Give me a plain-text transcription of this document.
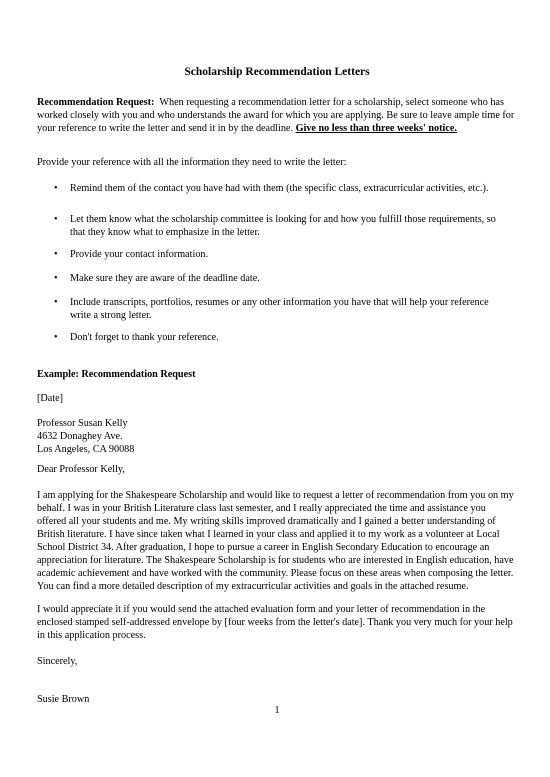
Scholarship Recommendation Letters

Recommendation Request: When requesting a recommendation letter for a scholarship, select someone who has worked closely with you and who understands the award for which you are applying. Be sure to leave ample time for your reference to write the letter and send it in by the deadline. Give no less than three weeks' notice.

Provide your reference with all the information they need to write the letter:
• Remind them of the contact you have had with them (the specific class, extracurricular activities, etc.).
• Let them know what the scholarship committee is looking for and how you fulfill those requirements, so that they know what to emphasize in the letter.
• Provide your contact information.
• Make sure they are aware of the deadline date.
• Include transcripts, portfolios, resumes or any other information you have that will help your reference write a strong letter.
• Don't forget to thank your reference.
Example: Recommendation Request
[Date]
Professor Susan Kelly
4632 Donaghey Ave.
Los Angeles, CA 90088
Dear Professor Kelly,
I am applying for the Shakespeare Scholarship and would like to request a letter of recommendation from you on my behalf. I was in your British Literature class last semester, and I really appreciated the time and assistance you offered all your students and me. My writing skills improved dramatically and I gained a better understanding of British literature. I have since taken what I learned in your class and applied it to my work as a volunteer at Local School District 34. After graduation, I hope to pursue a career in English Secondary Education to encourage an appreciation for literature. The Shakespeare Scholarship is for students who are interested in English education, have academic achievement and have worked with the community. Please focus on these areas when composing the letter. You can find a more detailed description of my extracurricular activities and goals in the attached resume.
I would appreciate it if you would send the attached evaluation form and your letter of recommendation in the enclosed stamped self-addressed envelope by [four weeks from the letter's date]. Thank you very much for your help in this application process.
Sincerely,
Susie Brown
1
